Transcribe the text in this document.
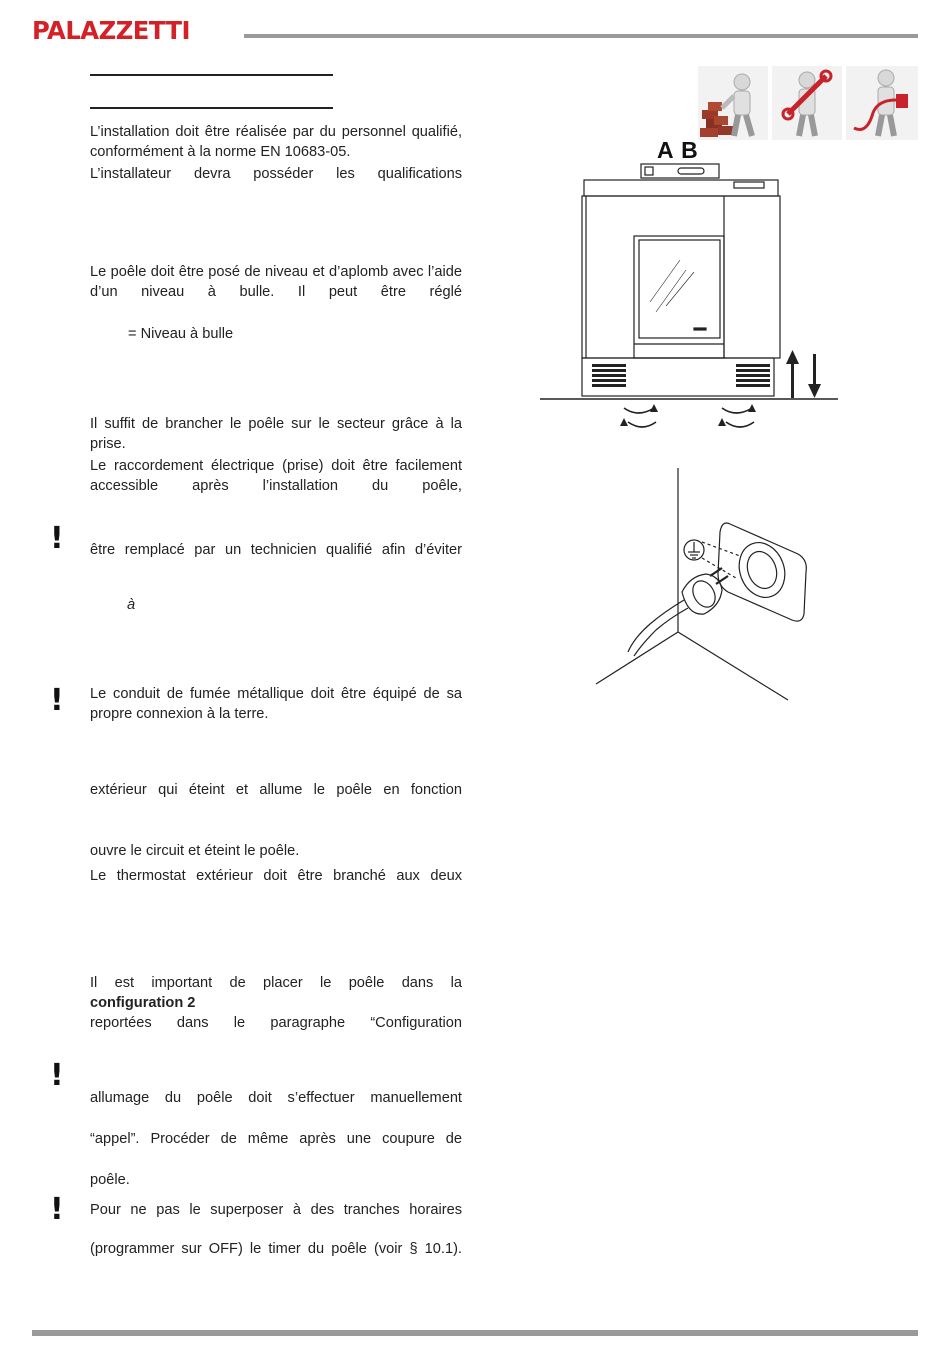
PALAZZETTI

L’installation doit être réalisée par du personnel qualifié, conformément à la norme EN 10683-05.

L’installateur devra posséder les qualifications

Le poêle doit être posé de niveau et d’aplomb avec l’aide d’un niveau à bulle. Il peut être réglé

= Niveau à bulle

Il suffit de brancher le poêle sur le secteur grâce à la prise.

Le raccordement électrique (prise) doit être facilement accessible après l’installation du poêle,

! être remplacé par un technicien qualifié afin d’éviter

à

! Le conduit de fumée métallique doit être équipé de sa propre connexion à la terre.

extérieur qui éteint et allume le poêle en fonction

ouvre le circuit et éteint le poêle.

Le thermostat extérieur doit être branché aux deux

Il est important de placer le poêle dans la

configuration 2

reportées dans le paragraphe “Configuration

!

allumage du poêle doit s’effectuer manuellement

“appel”. Procéder de même après une coupure de

poêle.

! Pour ne pas le superposer à des tranches horaires

(programmer sur OFF) le timer du poêle (voir § 10.1).

A B
